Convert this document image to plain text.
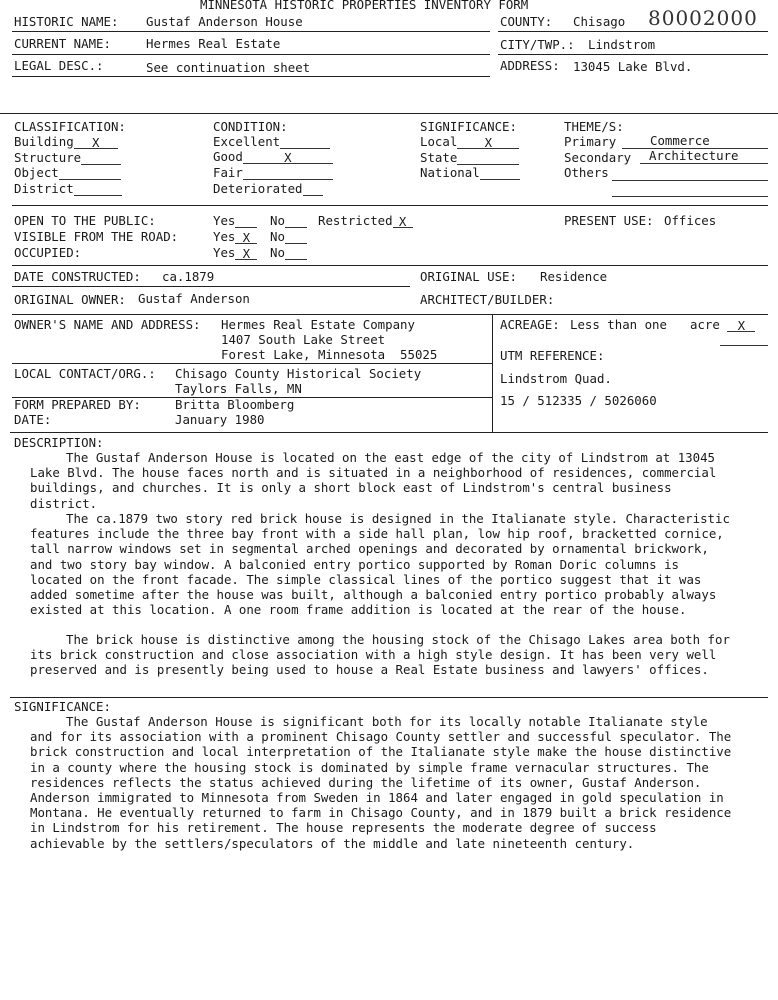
MINNESOTA HISTORIC PROPERTIES INVENTORY FORM
80002000
HISTORIC NAME: Gustaf Anderson House	COUNTY: Chisago
CURRENT NAME:	Hermes Real Estate	CITY/TWP.: Lindstrom
LEGAL DESC.:	See continuation sheet	ADDRESS: 13045 Lake Blvd.
CLASSIFICATION:
Building X
Structure
Object
District
CONDITION:
Excellent
Good	X
Fair
Deteriorated
SIGNIFICANCE:
Local X
State
National
THEME/S:
Primary	Commerce
Secondary Architecture
Others
OPEN TO THE PUBLIC:	Yes	No	Restricted X	PRESENT USE: Offices
VISIBLE FROM THE ROAD:	Yes X	No
OCCUPIED:	Yes X	No
DATE CONSTRUCTED: ca.1879	ORIGINAL USE: Residence
ORIGINAL OWNER: Gustaf Anderson	ARCHITECT/BUILDER:
OWNER'S NAME AND ADDRESS: Hermes Real Estate Company
1407 South Lake Street
Forest Lake, Minnesota  55025
ACREAGE: Less than one acre X
UTM REFERENCE:
Lindstrom Quad.
15 / 512335 / 5026060
LOCAL CONTACT/ORG.: Chisago County Historical Society
Taylors Falls, MN
FORM PREPARED BY:	Britta Bloomberg
DATE:	January 1980
DESCRIPTION:
The Gustaf Anderson House is located on the east edge of the city of Lindstrom at 13045 Lake Blvd. The house faces north and is situated in a neighborhood of residences, commercial buildings, and churches. It is only a short block east of Lindstrom's central business district.
The ca.1879 two story red brick house is designed in the Italianate style. Characteristic features include the three bay front with a side hall plan, low hip roof, bracketted cornice, tall narrow windows set in segmental arched openings and decorated by ornamental brickwork, and two story bay window. A balconied entry portico supported by Roman Doric columns is located on the front facade. The simple classical lines of the portico suggest that it was added sometime after the house was built, although a balconied entry portico probably always existed at this location. A one room frame addition is located at the rear of the house.
The brick house is distinctive among the housing stock of the Chisago Lakes area both for its brick construction and close association with a high style design. It has been very well preserved and is presently being used to house a Real Estate business and lawyers' offices.
SIGNIFICANCE:
The Gustaf Anderson House is significant both for its locally notable Italianate style and for its association with a prominent Chisago County settler and successful speculator. The brick construction and local interpretation of the Italianate style make the house distinctive in a county where the housing stock is dominated by simple frame vernacular structures. The residences reflects the status achieved during the lifetime of its owner, Gustaf Anderson. Anderson immigrated to Minnesota from Sweden in 1864 and later engaged in gold speculation in Montana. He eventually returned to farm in Chisago County, and in 1879 built a brick residence in Lindstrom for his retirement. The house represents the moderate degree of success achievable by the settlers/speculators of the middle and late nineteenth century.
